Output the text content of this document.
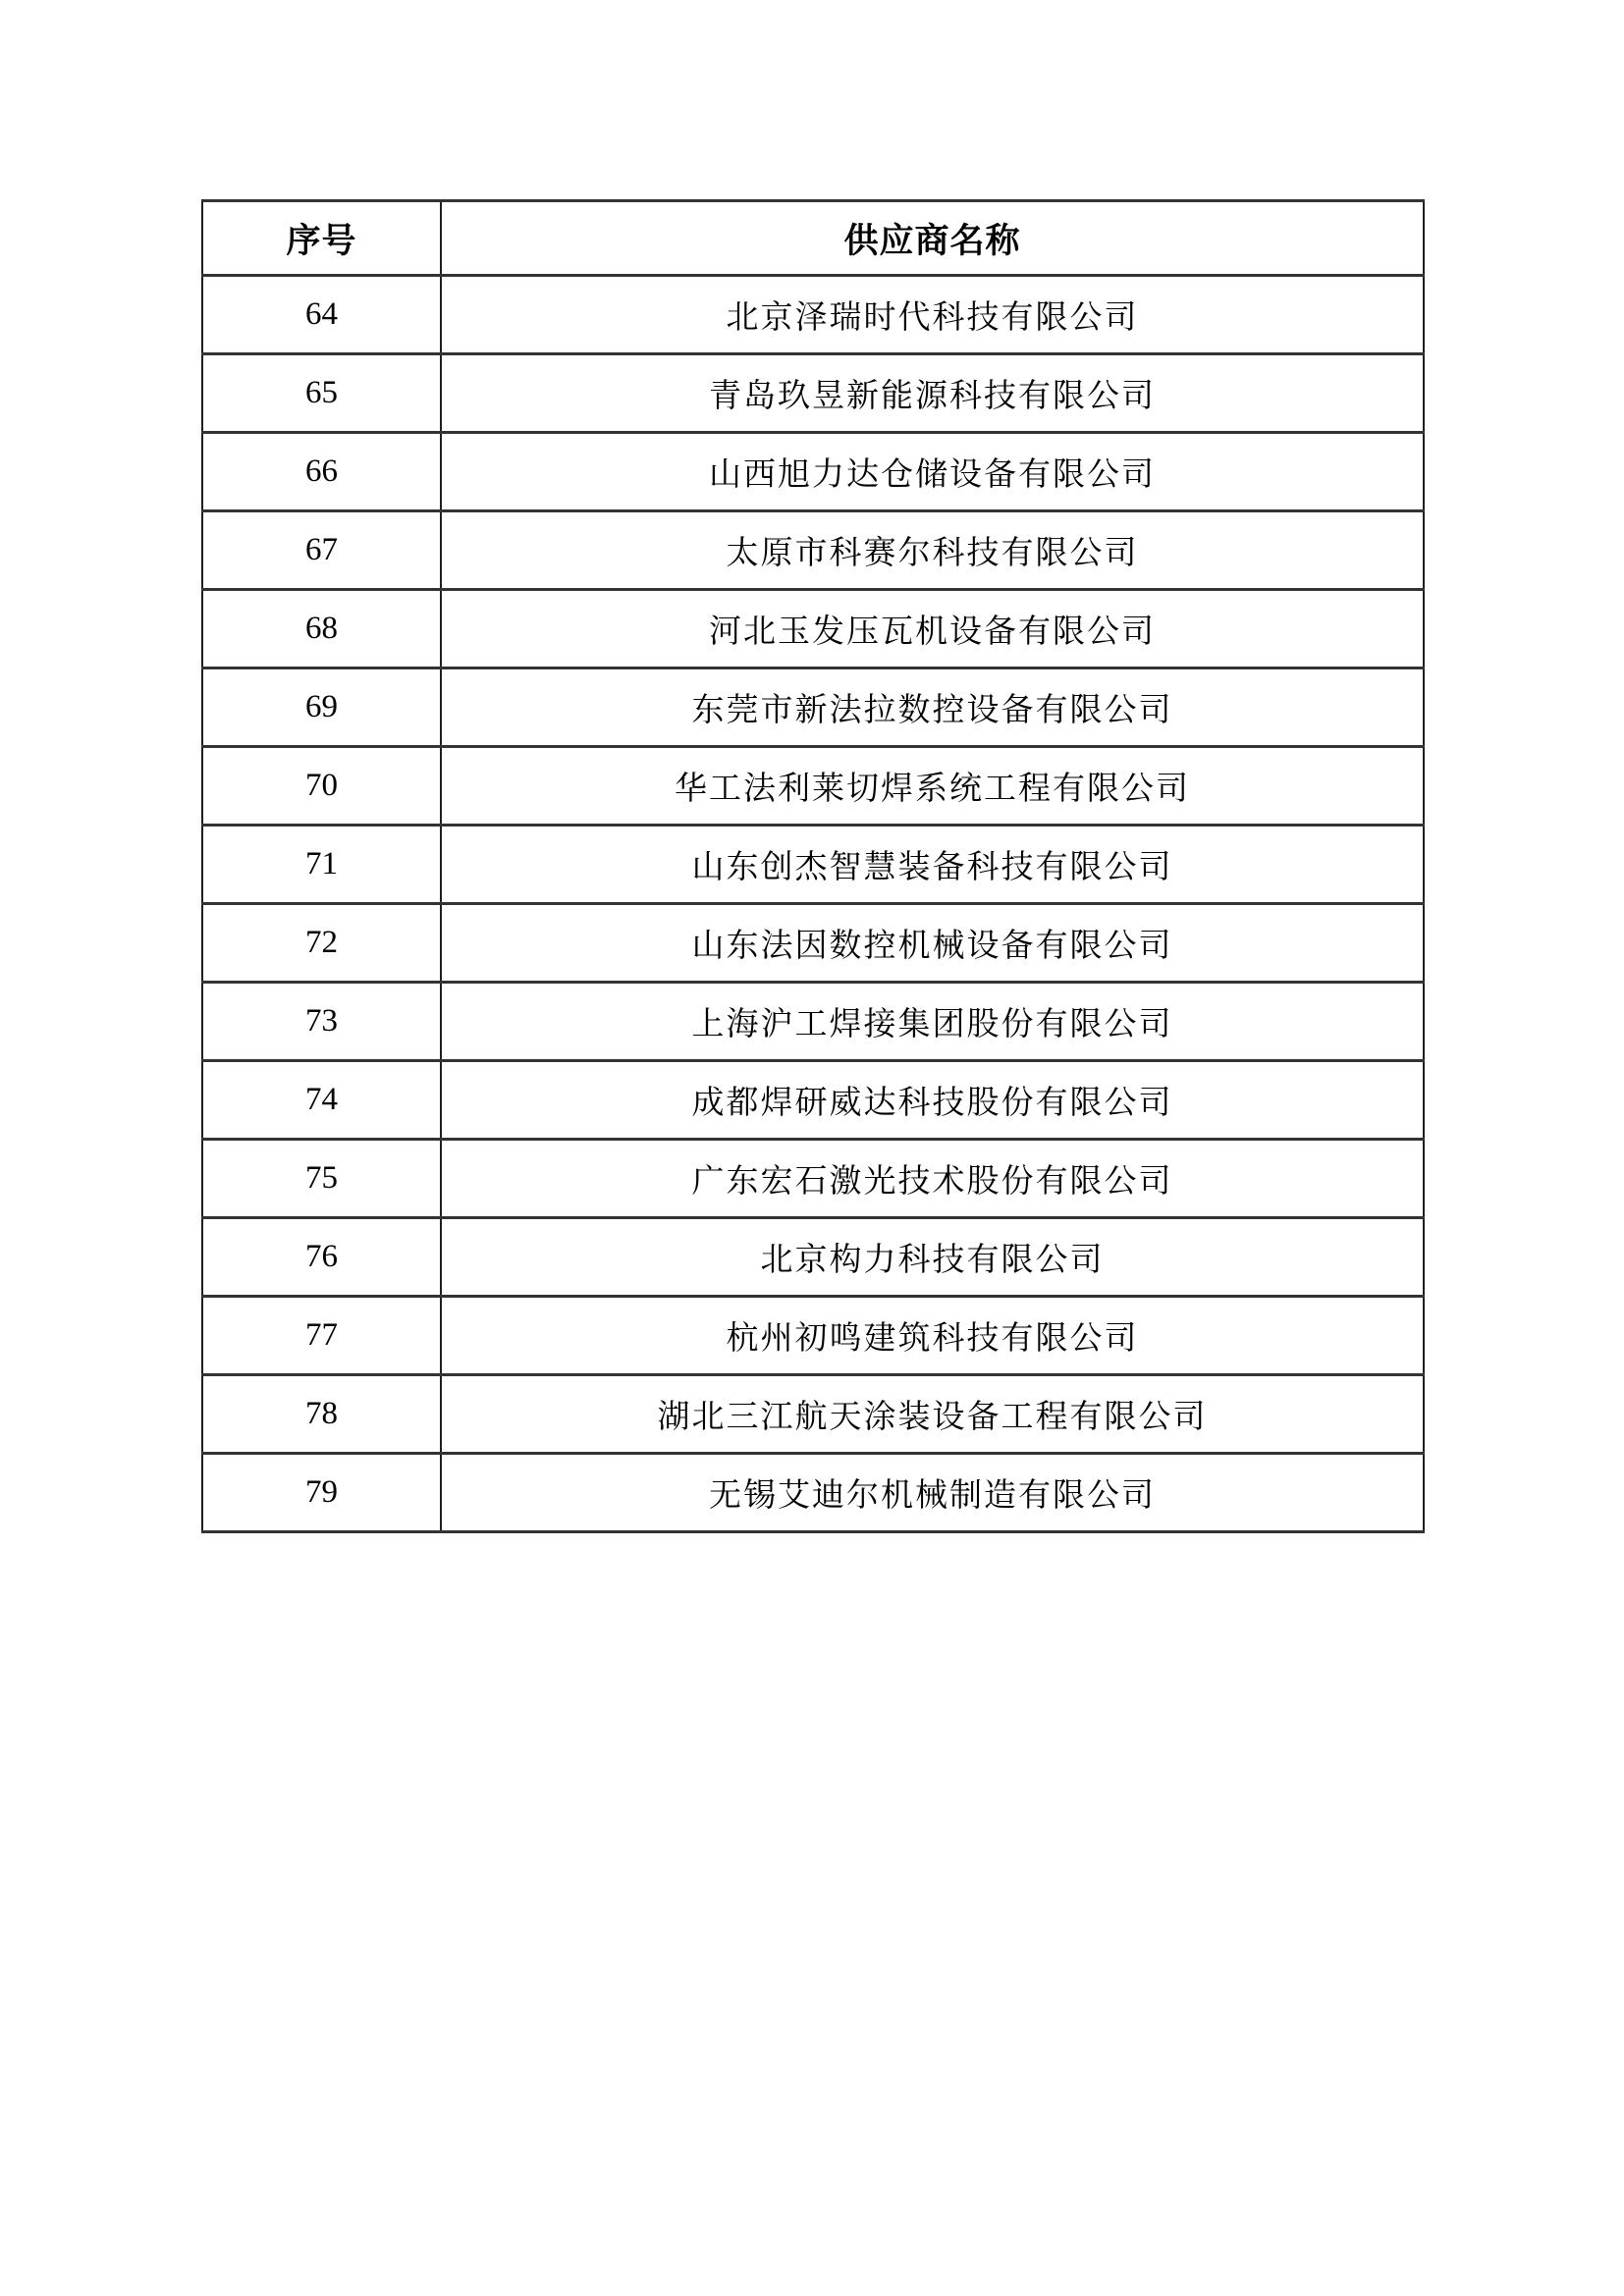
序号	供应商名称
64	北京泽瑞时代科技有限公司
65	青岛玖昱新能源科技有限公司
66	山西旭力达仓储设备有限公司
67	太原市科赛尔科技有限公司
68	河北玉发压瓦机设备有限公司
69	东莞市新法拉数控设备有限公司
70	华工法利莱切焊系统工程有限公司
71	山东创杰智慧装备科技有限公司
72	山东法因数控机械设备有限公司
73	上海沪工焊接集团股份有限公司
74	成都焊研威达科技股份有限公司
75	广东宏石激光技术股份有限公司
76	北京构力科技有限公司
77	杭州初鸣建筑科技有限公司
78	湖北三江航天涂装设备工程有限公司
79	无锡艾迪尔机械制造有限公司
